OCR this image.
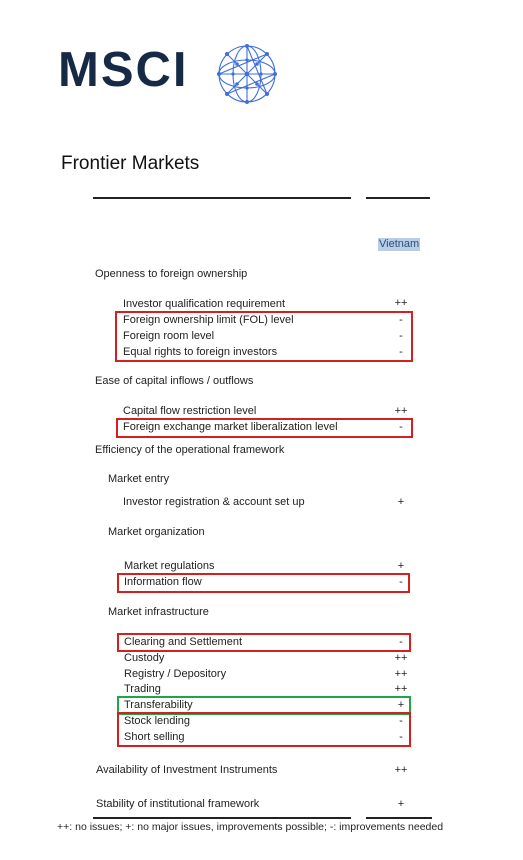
MSCI
Frontier Markets
Vietnam
Openness to foreign ownership
Investor qualification requirement	++
Foreign ownership limit (FOL) level	-
Foreign room level	-
Equal rights to foreign investors	-
Ease of capital inflows / outflows
Capital flow restriction level	++
Foreign exchange market liberalization level	-
Efficiency of the operational framework
Market entry
Investor registration & account set up	+
Market organization
Market regulations	+
Information flow	-
Market infrastructure
Clearing and Settlement	-
Custody	++
Registry / Depository	++
Trading	++
Transferability	+
Stock lending	-
Short selling	-
Availability of Investment Instruments	++
Stability of institutional framework	+
++: no issues; +: no major issues, improvements possible; -: improvements needed
